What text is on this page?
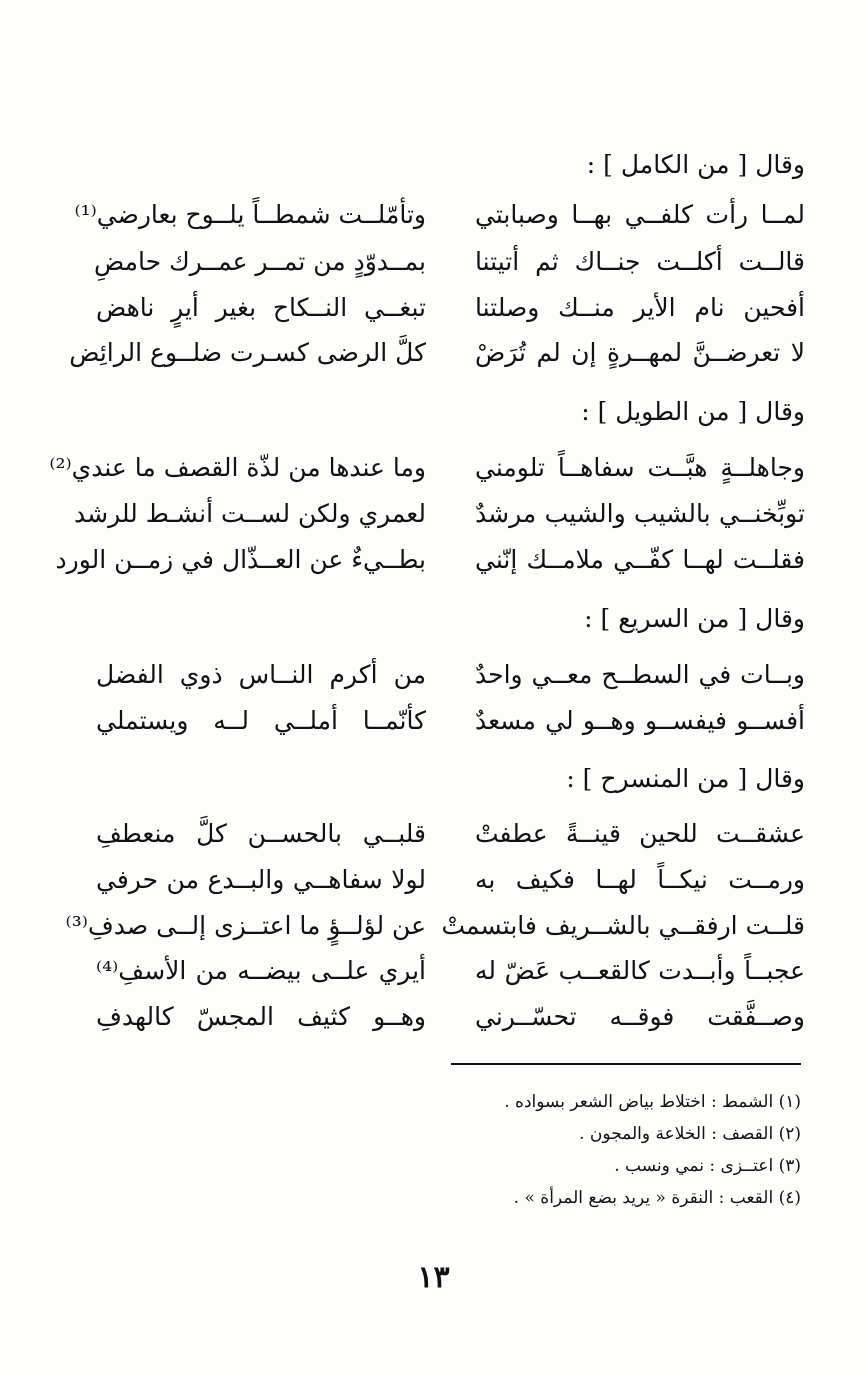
وقال [ من الكامل ] :
لمــا رأت كلفــي بهــا وصبابتي
وتأمّلــت شمطــاً يلــوح بعارضي⁽¹⁾
قالــت أكلــت جنــاك ثم أتيتنا
بمــدوّدٍ من تمــر عمــرك حامضِ
أفحين نام الأير منــك وصلتنا
تبغــي النــكاح بغير أيرٍ ناهض
لا تعرضــنَّ لمهــرةٍ إن لم تُرَضْ
كلَّ الرضى كسـرت ضلــوع الرائِض
وقال [ من الطويل ] :
وجاهلــةٍ هبَّــت سفاهــاً تلومني
وما عندها من لذّة القصف ما عندي⁽²⁾
توبِّخنــي بالشيب والشيب مرشدٌ
لعمري ولكن لســت أنشـط للرشد
فقلــت لهــا كفّــي ملامــك إنّني
بطــيءٌ عن العــذّال في زمــن الورد
وقال [ من السريع ] :
وبــات في السطــح معــي واحدٌ
من أكرم النــاس ذوي الفضل
أفســو فيفســو وهــو لي مسعدٌ
كأنّمــا أملــي لــه ويستملي
وقال [ من المنسرح ] :
عشقــت للحين قينــةً عطفتْ
قلبــي بالحســن كلَّ منعطفِ
ورمــت نيكــاً لهــا فكيف به
لولا سفاهــي والبــدع من حرفي
قلــت ارفقــي بالشــريف فابتسمتْ
عن لؤلــؤٍ ما اعتــزى إلــى صدفِ⁽³⁾
عجبــاً وأبــدت كالقعــب عَضّ له
أيري علــى بيضــه من الأسفِ⁽⁴⁾
وصــفَّقت فوقــه تحسّــرني
وهــو كثيف المجسّ كالهدفِ
(١) الشمط : اختلاط بياض الشعر بسواده .
(٢) القصف : الخلاعة والمجون .
(٣) اعتــزى : نمي ونسب .
(٤) القعب : النقرة « يريد بضع المرأة » .
١٣
